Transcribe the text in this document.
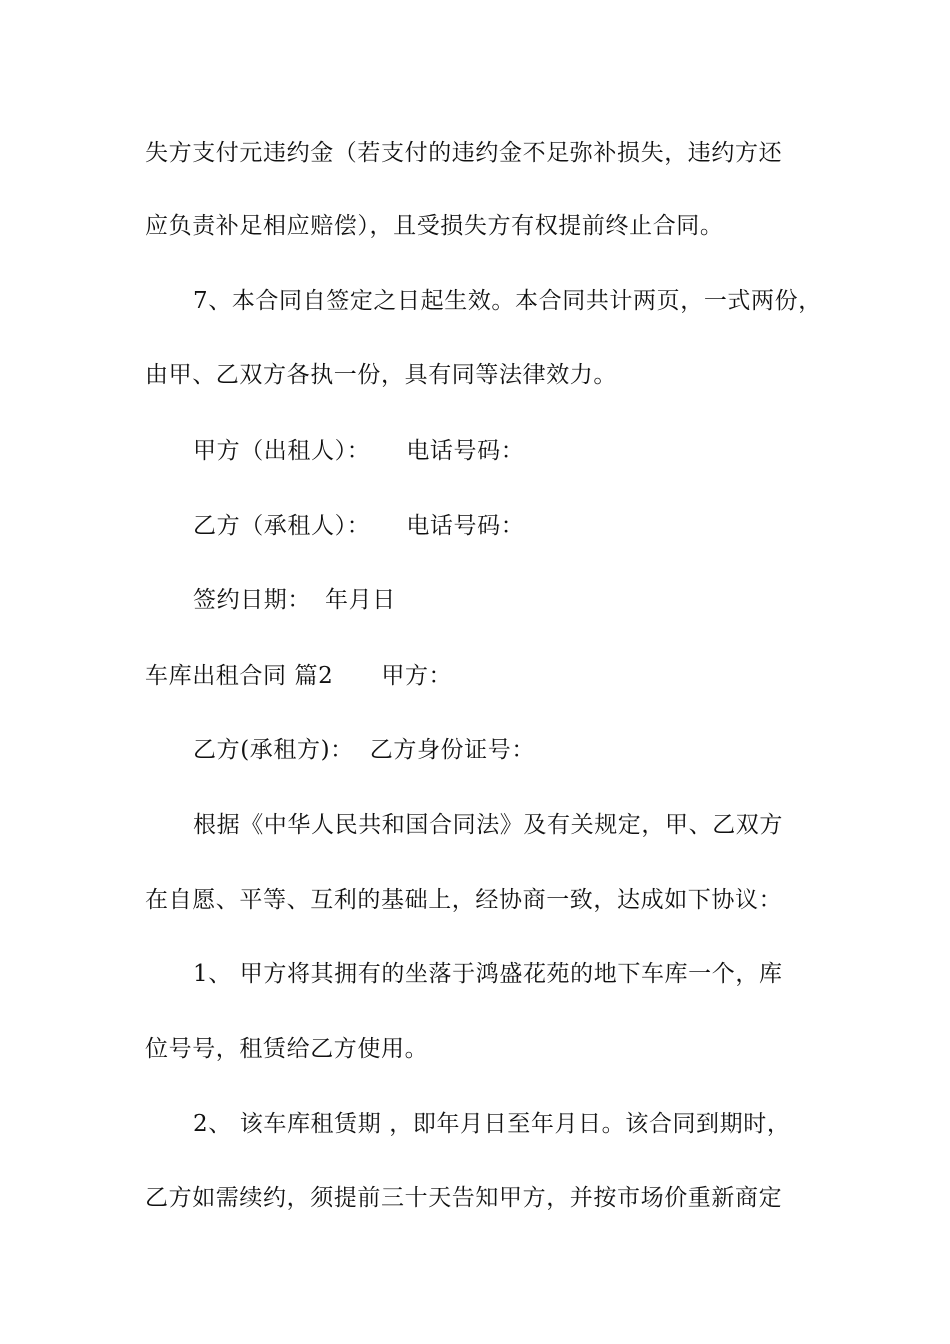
失方支付元违约金（若支付的违约金不足弥补损失，违约方还
应负责补足相应赔偿），且受损失方有权提前终止合同。
7、本合同自签定之日起生效。本合同共计两页，一式两份，
由甲、乙双方各执一份，具有同等法律效力。
甲方（出租人）： 电话号码：
乙方（承租人）： 电话号码：
签约日期： 年月日
车库出租合同 篇2 甲方：
乙方(承租方)： 乙方身份证号：
根据《中华人民共和国合同法》及有关规定，甲、乙双方
在自愿、平等、互利的基础上，经协商一致，达成如下协议：
1、 甲方将其拥有的坐落于鸿盛花苑的地下车库一个，库
位号号，租赁给乙方使用。
2、 该车库租赁期 ，即年月日至年月日。该合同到期时，
乙方如需续约，须提前三十天告知甲方，并按市场价重新商定
